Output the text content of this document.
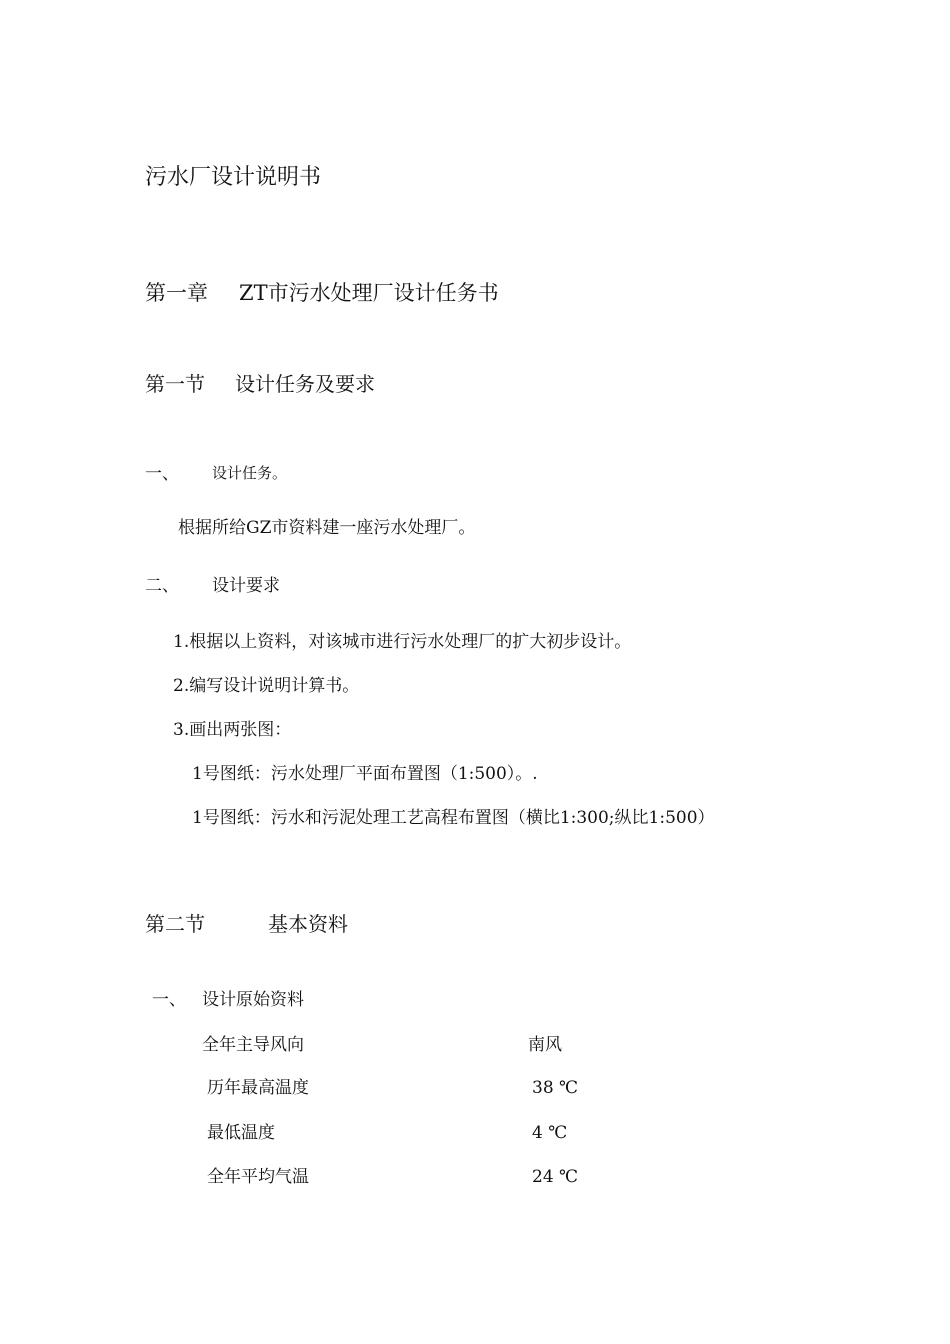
污水厂设计说明书
第一章 ZT市污水处理厂设计任务书
第一节 设计任务及要求
一、 设计任务。
根据所给GZ市资料建一座污水处理厂。
二、 设计要求
1.根据以上资料，对该城市进行污水处理厂的扩大初步设计。
2.编写设计说明计算书。
3.画出两张图：
1号图纸：污水处理厂平面布置图（1:500）。.
1号图纸：污水和污泥处理工艺高程布置图（横比1:300;纵比1:500）
第二节	基本资料
一、 设计原始资料
全年主导风向	南风
历年最高温度	38 ℃
最低温度	4 ℃
全年平均气温	24 ℃
